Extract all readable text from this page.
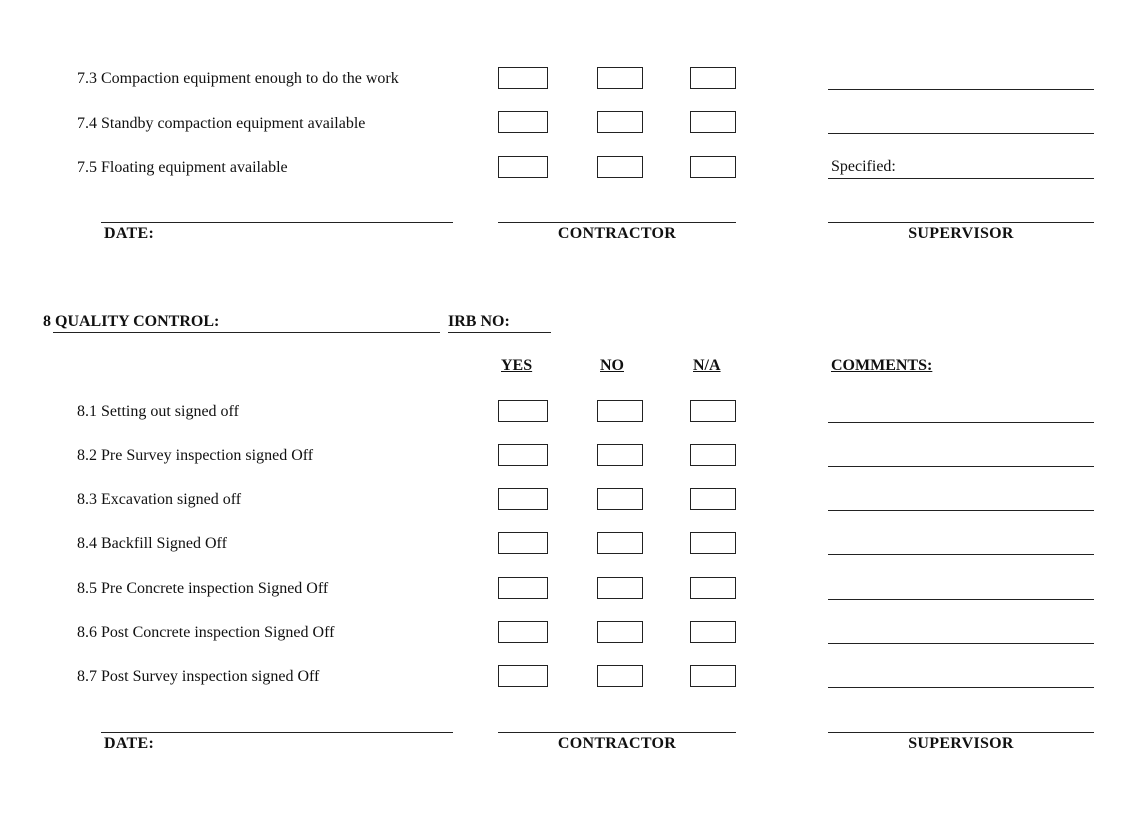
7.3 Compaction equipment enough to do the work
7.4 Standby compaction equipment available
7.5 Floating equipment available	Specified:
DATE:	CONTRACTOR	SUPERVISOR
8 QUALITY CONTROL:	IRB NO:
YES	NO	N/A	COMMENTS:
8.1 Setting out signed off
8.2 Pre Survey inspection signed Off
8.3 Excavation signed off
8.4 Backfill Signed Off
8.5 Pre Concrete inspection Signed Off
8.6 Post Concrete inspection Signed Off
8.7 Post Survey inspection signed Off
DATE:	CONTRACTOR	SUPERVISOR
